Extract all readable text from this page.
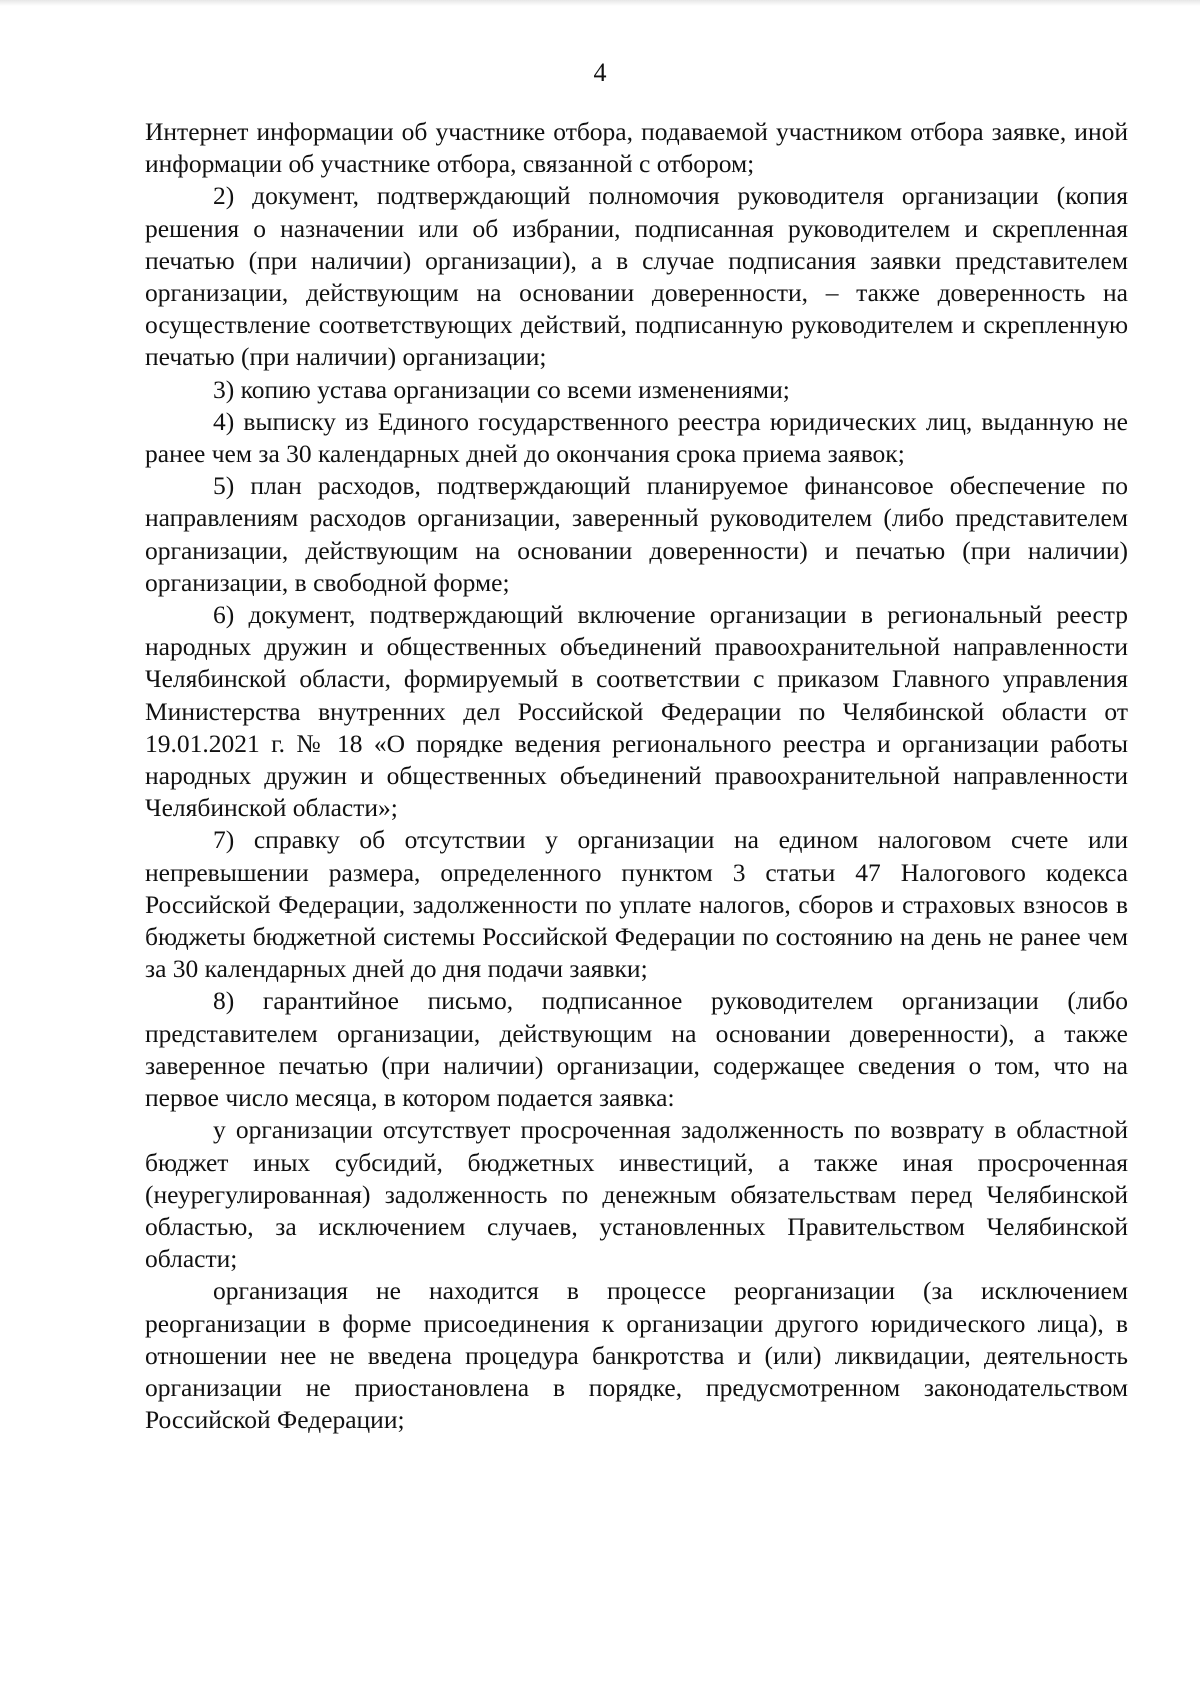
4

Интернет информации об участнике отбора, подаваемой участником отбора заявке, иной информации об участнике отбора, связанной с отбором;

2) документ, подтверждающий полномочия руководителя организации (копия решения о назначении или об избрании, подписанная руководителем и скрепленная печатью (при наличии) организации), а в случае подписания заявки представителем организации, действующим на основании доверенности, – также доверенность на осуществление соответствующих действий, подписанную руководителем и скрепленную печатью (при наличии) организации;

3) копию устава организации со всеми изменениями;

4) выписку из Единого государственного реестра юридических лиц, выданную не ранее чем за 30 календарных дней до окончания срока приема заявок;

5) план расходов, подтверждающий планируемое финансовое обеспечение по направлениям расходов организации, заверенный руководителем (либо представителем организации, действующим на основании доверенности) и печатью (при наличии) организации, в свободной форме;

6) документ, подтверждающий включение организации в региональный реестр народных дружин и общественных объединений правоохранительной направленности Челябинской области, формируемый в соответствии с приказом Главного управления Министерства внутренних дел Российской Федерации по Челябинской области от 19.01.2021 г. № 18 «О порядке ведения регионального реестра и организации работы народных дружин и общественных объединений правоохранительной направленности Челябинской области»;

7) справку об отсутствии у организации на едином налоговом счете или непревышении размера, определенного пунктом 3 статьи 47 Налогового кодекса Российской Федерации, задолженности по уплате налогов, сборов и страховых взносов в бюджеты бюджетной системы Российской Федерации по состоянию на день не ранее чем за 30 календарных дней до дня подачи заявки;

8) гарантийное письмо, подписанное руководителем организации (либо представителем организации, действующим на основании доверенности), а также заверенное печатью (при наличии) организации, содержащее сведения о том, что на первое число месяца, в котором подается заявка:

у организации отсутствует просроченная задолженность по возврату в областной бюджет иных субсидий, бюджетных инвестиций, а также иная просроченная (неурегулированная) задолженность по денежным обязательствам перед Челябинской областью, за исключением случаев, установленных Правительством Челябинской области;

организация не находится в процессе реорганизации (за исключением реорганизации в форме присоединения к организации другого юридического лица), в отношении нее не введена процедура банкротства и (или) ликвидации, деятельность организации не приостановлена в порядке, предусмотренном законодательством Российской Федерации;
